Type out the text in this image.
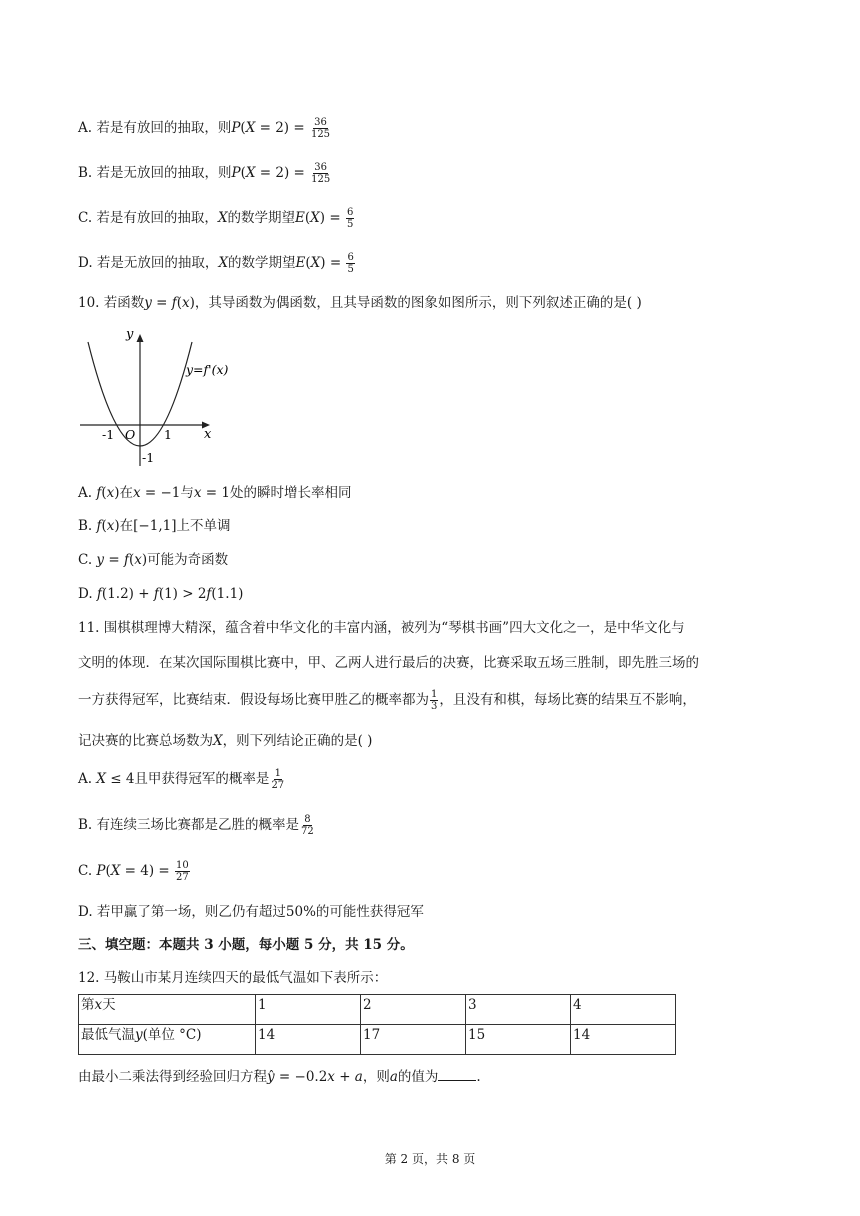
A. 若是有放回的抽取，则𝑃(𝑋 = $2) = \frac{36}{125}$
B. 若是无放回的抽取，则𝑃(𝑋 = $2) = \frac{36}{125}$
C. 若是有放回的抽取，𝑋的数学期望𝐸(𝑋) = $\frac{6}{5}$
D. 若是无放回的抽取，𝑋的数学期望𝐸(𝑋) = $\frac{6}{5}$
10. 若函数𝑦 = 𝑓(𝑥)，其导函数为偶函数，且其导函数的图象如图所示，则下列叙述正确的是( )
y
x
y=f'(x)
O
-1	1
-1
A. 𝑓(𝑥)在𝑥 = −1与𝑥 = 1处的瞬时增长率相同
B. 𝑓(𝑥)在[−1,1]上不单调
C. 𝑦 = 𝑓(𝑥)可能为奇函数
D. 𝑓(1.2) + 𝑓(1) > 2𝑓(1.1)
11. 围棋棋理博大精深，蕴含着中华文化的丰富内涵，被列为“琴棋书画”四大文化之一，是中华文化与
文明的体现．在某次国际围棋比赛中，甲、乙两人进行最后的决赛，比赛采取五场三胜制，即先胜三场的
一方获得冠军，比赛结束．假设每场比赛甲胜乙的概率都为 $\frac{1}{3}$ ，且没有和棋，每场比赛的结果互不影响，
记决赛的比赛总场数为𝑋，则下列结论正确的是( )
A. 𝑋 ≤ 4且甲获得冠军的概率是 $\frac{1}{27}$
B. 有连续三场比赛都是乙胜的概率是 $\frac{8}{72}$
C. 𝑃(𝑋 = $4) = \frac{10}{27}$
D. 若甲赢了第一场，则乙仍有超过50%的可能性获得冠军
三、填空题：本题共 3 小题，每小题 5 分，共 15 分。
12. 马鞍山市某月连续四天的最低气温如下表所示：
第𝑥天	1	2	3	4
最低气温𝑦(单位 °C)	14	17	15	14
由最小二乘法得到经验回归方程𝑦̂ = −0.2𝑥 + 𝑎，则𝑎的值为	.
第 2 页，共 8 页
